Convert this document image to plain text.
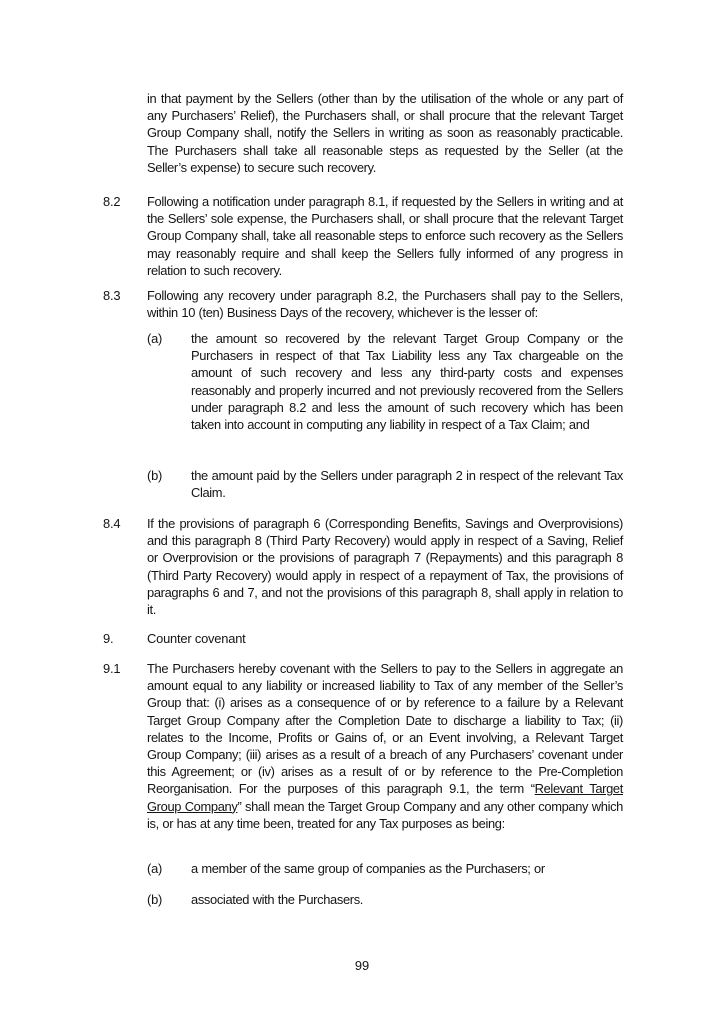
in that payment by the Sellers (other than by the utilisation of the whole or any part of any Purchasers’ Relief), the Purchasers shall, or shall procure that the relevant Target Group Company shall, notify the Sellers in writing as soon as reasonably practicable. The Purchasers shall take all reasonable steps as requested by the Seller (at the Seller’s expense) to secure such recovery.
8.2 Following a notification under paragraph 8.1, if requested by the Sellers in writing and at the Sellers’ sole expense, the Purchasers shall, or shall procure that the relevant Target Group Company shall, take all reasonable steps to enforce such recovery as the Sellers may reasonably require and shall keep the Sellers fully informed of any progress in relation to such recovery.
8.3 Following any recovery under paragraph 8.2, the Purchasers shall pay to the Sellers, within 10 (ten) Business Days of the recovery, whichever is the lesser of:
(a) the amount so recovered by the relevant Target Group Company or the Purchasers in respect of that Tax Liability less any Tax chargeable on the amount of such recovery and less any third-party costs and expenses reasonably and properly incurred and not previously recovered from the Sellers under paragraph 8.2 and less the amount of such recovery which has been taken into account in computing any liability in respect of a Tax Claim; and
(b) the amount paid by the Sellers under paragraph 2 in respect of the relevant Tax Claim.
8.4 If the provisions of paragraph 6 (Corresponding Benefits, Savings and Overprovisions) and this paragraph 8 (Third Party Recovery) would apply in respect of a Saving, Relief or Overprovision or the provisions of paragraph 7 (Repayments) and this paragraph 8 (Third Party Recovery) would apply in respect of a repayment of Tax, the provisions of paragraphs 6 and 7, and not the provisions of this paragraph 8, shall apply in relation to it.
9.	Counter covenant
9.1 The Purchasers hereby covenant with the Sellers to pay to the Sellers in aggregate an amount equal to any liability or increased liability to Tax of any member of the Seller’s Group that: (i) arises as a consequence of or by reference to a failure by a Relevant Target Group Company after the Completion Date to discharge a liability to Tax; (ii) relates to the Income, Profits or Gains of, or an Event involving, a Relevant Target Group Company; (iii) arises as a result of a breach of any Purchasers’ covenant under this Agreement; or (iv) arises as a result of or by reference to the Pre-Completion Reorganisation. For the purposes of this paragraph 9.1, the term “Relevant Target Group Company” shall mean the Target Group Company and any other company which is, or has at any time been, treated for any Tax purposes as being:
(a) a member of the same group of companies as the Purchasers; or
(b) associated with the Purchasers.
99
